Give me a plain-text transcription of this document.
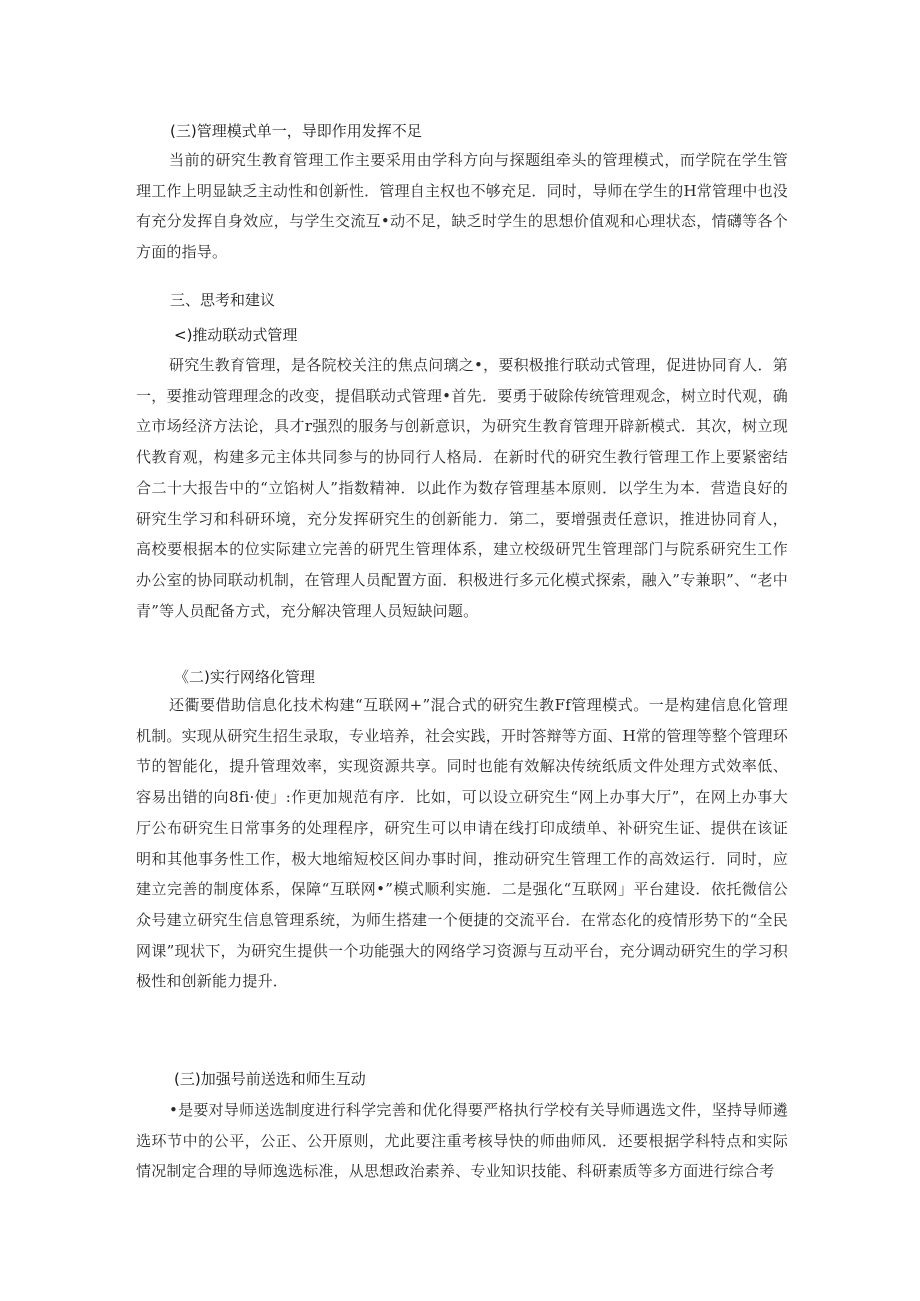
(三)管理模式单一，导即作用发挥不足
当前的研究生教育管理工作主要采用由学科方向与探题组牵头的管理模式，而学院在学生管理工作上明显缺乏主动性和创新性．管理自主权也不够充足．同时，导师在学生的H常管理中也没有充分发挥自身效应，与学生交流互•动不足，缺乏时学生的思想价值观和心理状态，情礴等各个方面的指导。
三、思考和建议
<)推动联动式管理
研究生教育管理，是各院校关注的焦点问璃之•，要积极推行联动式管理，促进协同育人．第一，要推动管理理念的改变，提倡联动式管理•首先．要勇于破除传统管理观念，树立时代观，确立市场经济方法论，具才r强烈的服务与创新意识，为研究生教育管理开辟新模式．其次，树立现代教育观，构建多元主体共同参与的协同行人格局．在新时代的研究生教行管理工作上要紧密结合二十大报告中的“立馅树人”指数精神．以此作为数存管理基本原则．以学生为本．营造良好的研究生学习和科研环境，充分发挥研究生的创新能力．第二，要增强责任意识，推进协同育人，高校要根据本的位实际建立完善的研咒生管理体系，建立校级研咒生管理部门与院系研究生工作办公室的协同联动机制，在管理人员配置方面．积极进行多元化模式探索，融入”专兼职”、“老中青”等人员配备方式，充分解决管理人员短缺问题。
《二)实行网络化管理
还衢要借助信息化技术构建“互联网+”混合式的研究生教Ff管理模式。一是构建信息化管理机制。实现从研究生招生录取，专业培养，社会实践，开时答辩等方面、H常的管理等整个管理环节的智能化，提升管理效率，实现资源共享。同时也能有效解决传统纸质文件处理方式效率低、容易出错的向8fi·使」:作更加规范有序．比如，可以设立研究生“网上办事大厅”，在网上办事大厅公布研究生日常事务的处理程序，研究生可以申请在线打印成绩单、补研究生证、提供在该证明和其他事务性工作，极大地缩短校区间办事时间，推动研究生管理工作的高效运行．同时，应建立完善的制度体系，保障“互联网•”模式顺利实施．二是强化“互联网」平台建设．依托微信公众号建立研究生信息管理系统，为师生搭建一个便捷的交流平台．在常态化的疫情形势下的“全民网课”现状下，为研究生提供一个功能强大的网络学习资源与互动平台，充分调动研究生的学习积极性和创新能力提升．
(三)加强号前送选和师生互动
•是要对导师送选制度进行科学完善和优化得要严格执行学校有关导师遇选文件，坚持导师遴选环节中的公平，公正、公开原则，尤此要注重考核导快的师曲师风．还要根据学科特点和实际情况制定合理的导师逸选标准，从思想政治素养、专业知识技能、科研素质等多方面进行综合考
